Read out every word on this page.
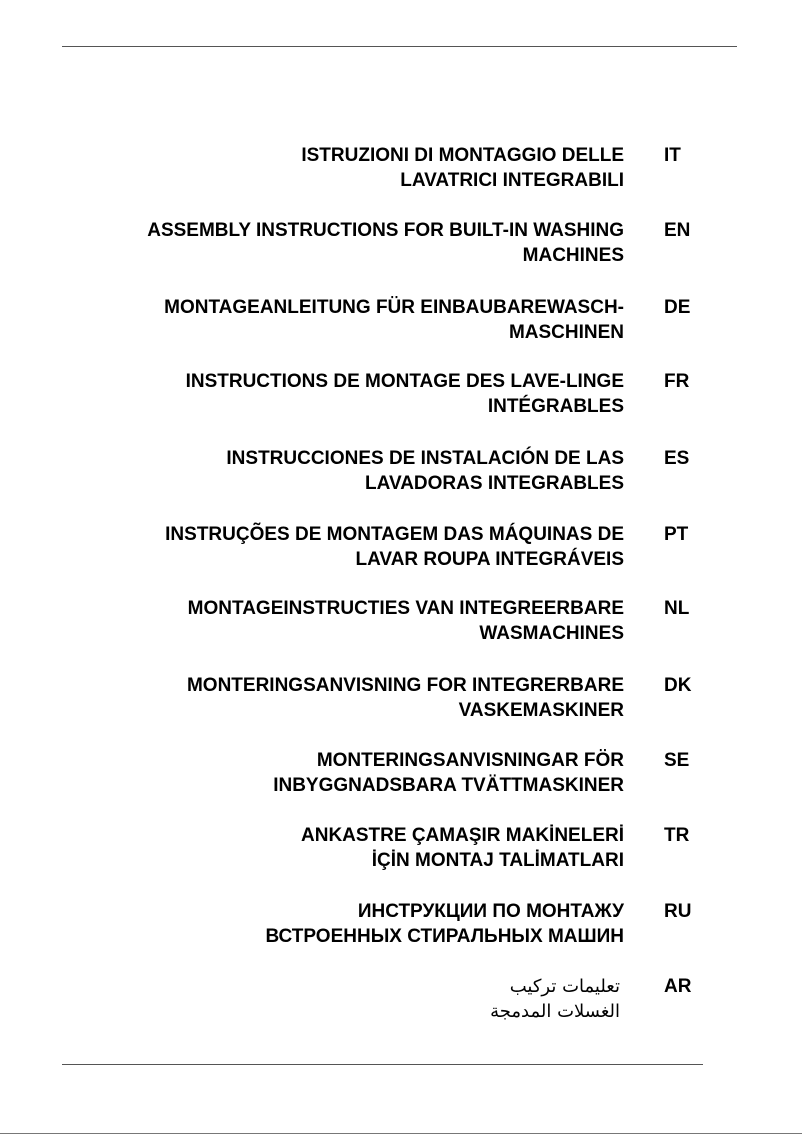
ISTRUZIONI DI MONTAGGIO DELLE
LAVATRICI INTEGRABILI
IT
ASSEMBLY INSTRUCTIONS FOR BUILT-IN WASHING
MACHINES
EN
MONTAGEANLEITUNG FÜR EINBAUBAREWASCH-
MASCHINEN
DE
INSTRUCTIONS DE MONTAGE DES LAVE-LINGE
INTÉGRABLES
FR
INSTRUCCIONES DE INSTALACIÓN DE LAS
LAVADORAS INTEGRABLES
ES
INSTRUÇÕES DE MONTAGEM DAS MÁQUINAS DE
LAVAR ROUPA INTEGRÁVEIS
PT
MONTAGEINSTRUCTIES VAN INTEGREERBARE
WASMACHINES
NL
MONTERINGSANVISNING FOR INTEGRERBARE
VASKEMASKINER
DK
MONTERINGSANVISNINGAR FÖR
INBYGGNADSBARA TVÄTTMASKINER
SE
ANKASTRE ÇAMAŞIR MAKİNELERİ
İÇİN MONTAJ TALİMATLARI
TR
ИНСТРУКЦИИ ПО МОНТАЖУ
ВСТРОЕННЫХ СТИРАЛЬНЫХ МАШИН
RU
تعليمات تركيب
الغسلات المدمجة
AR
